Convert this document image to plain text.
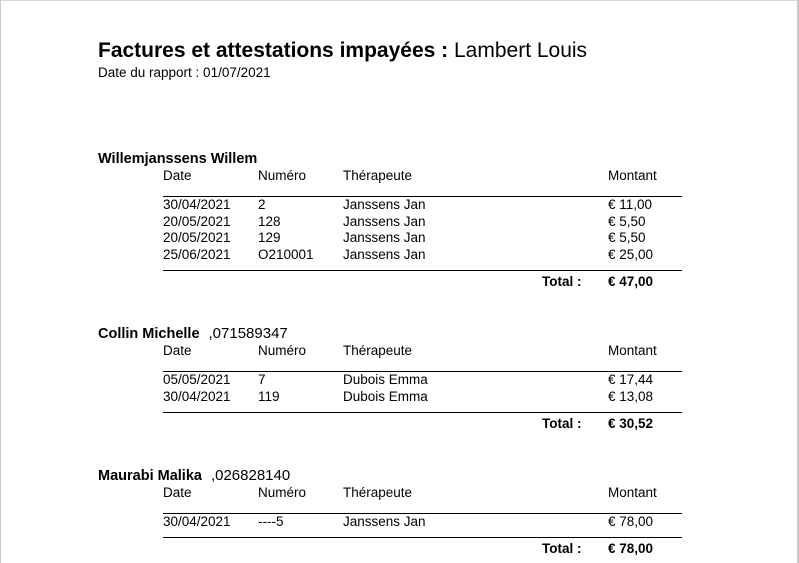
Factures et attestations impayées : Lambert Louis
Date du rapport : 01/07/2021
Willemjanssens Willem
Date	Numéro	Thérapeute	Montant
30/04/2021 2	Janssens Jan	€ 11,00
20/05/2021 128	Janssens Jan	€ 5,50
20/05/2021 129	Janssens Jan	€ 5,50
25/06/2021 O210001 Janssens Jan	€ 25,00
Total : € 47,00
Collin Michelle ,071589347
Date	Numéro	Thérapeute	Montant
05/05/2021 7	Dubois Emma	€ 17,44
30/04/2021 119	Dubois Emma	€ 13,08
Total : € 30,52
Maurabi Malika ,026828140
Date	Numéro	Thérapeute	Montant
30/04/2021 ----5	Janssens Jan	€ 78,00
Total : € 78,00
